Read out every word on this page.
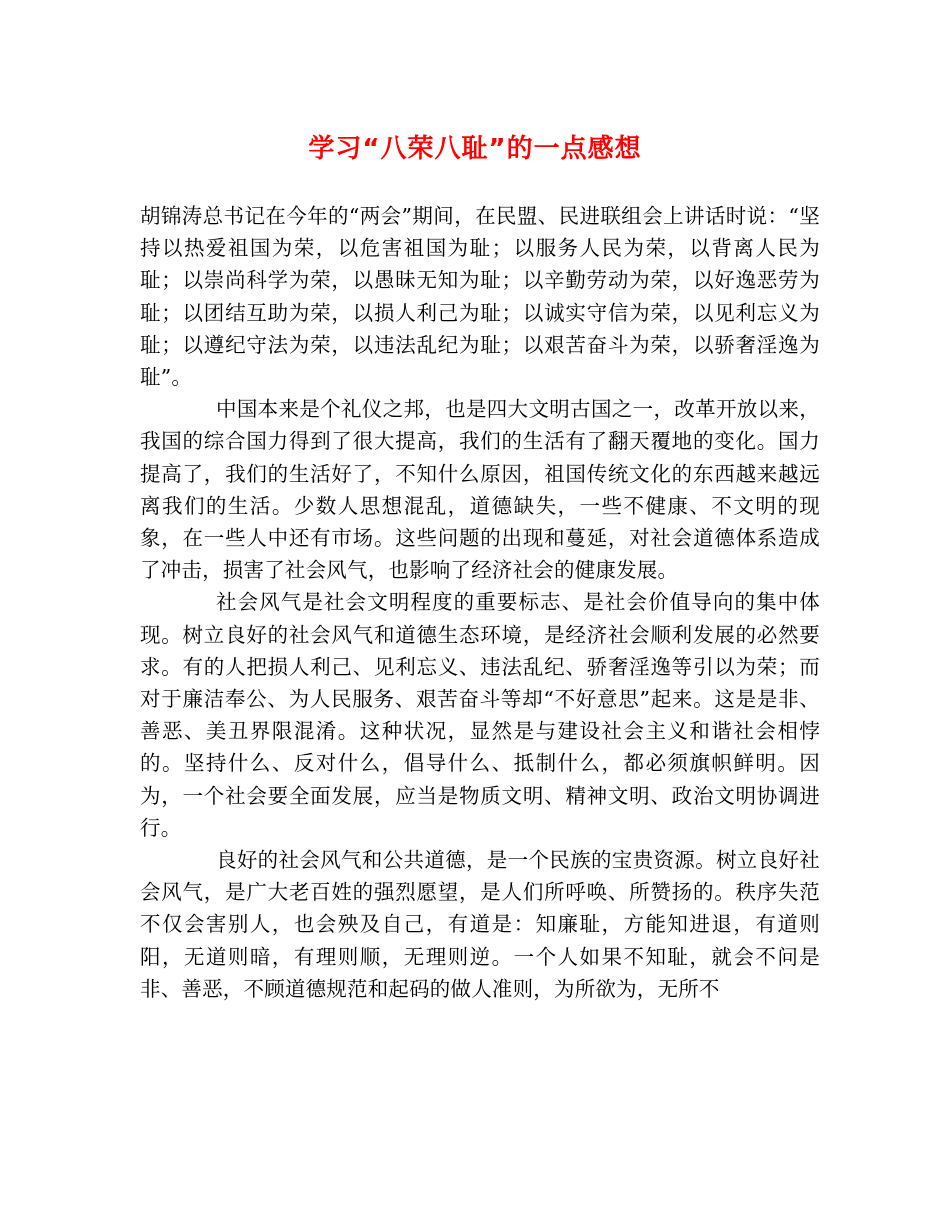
学习“八荣八耻”的一点感想

胡锦涛总书记在今年的“两会”期间，在民盟、民进联组会上讲话时说：“坚持以热爱祖国为荣，以危害祖国为耻；以服务人民为荣，以背离人民为耻；以崇尚科学为荣，以愚昧无知为耻；以辛勤劳动为荣，以好逸恶劳为耻；以团结互助为荣，以损人利己为耻；以诚实守信为荣，以见利忘义为耻；以遵纪守法为荣，以违法乱纪为耻；以艰苦奋斗为荣，以骄奢淫逸为耻”。

中国本来是个礼仪之邦，也是四大文明古国之一，改革开放以来，我国的综合国力得到了很大提高，我们的生活有了翻天覆地的变化。国力提高了，我们的生活好了，不知什么原因，祖国传统文化的东西越来越远离我们的生活。少数人思想混乱，道德缺失，一些不健康、不文明的现象，在一些人中还有市场。这些问题的出现和蔓延，对社会道德体系造成了冲击，损害了社会风气，也影响了经济社会的健康发展。

社会风气是社会文明程度的重要标志、是社会价值导向的集中体现。树立良好的社会风气和道德生态环境，是经济社会顺利发展的必然要求。有的人把损人利己、见利忘义、违法乱纪、骄奢淫逸等引以为荣；而对于廉洁奉公、为人民服务、艰苦奋斗等却“不好意思”起来。这是是非、善恶、美丑界限混淆。这种状况，显然是与建设社会主义和谐社会相悖的。坚持什么、反对什么，倡导什么、抵制什么，都必须旗帜鲜明。因为，一个社会要全面发展，应当是物质文明、精神文明、政治文明协调进行。

良好的社会风气和公共道德，是一个民族的宝贵资源。树立良好社会风气，是广大老百姓的强烈愿望，是人们所呼唤、所赞扬的。秩序失范不仅会害别人，也会殃及自己，有道是：知廉耻，方能知进退，有道则阳，无道则暗，有理则顺，无理则逆。一个人如果不知耻，就会不问是非、善恶，不顾道德规范和起码的做人准则，为所欲为，无所不
